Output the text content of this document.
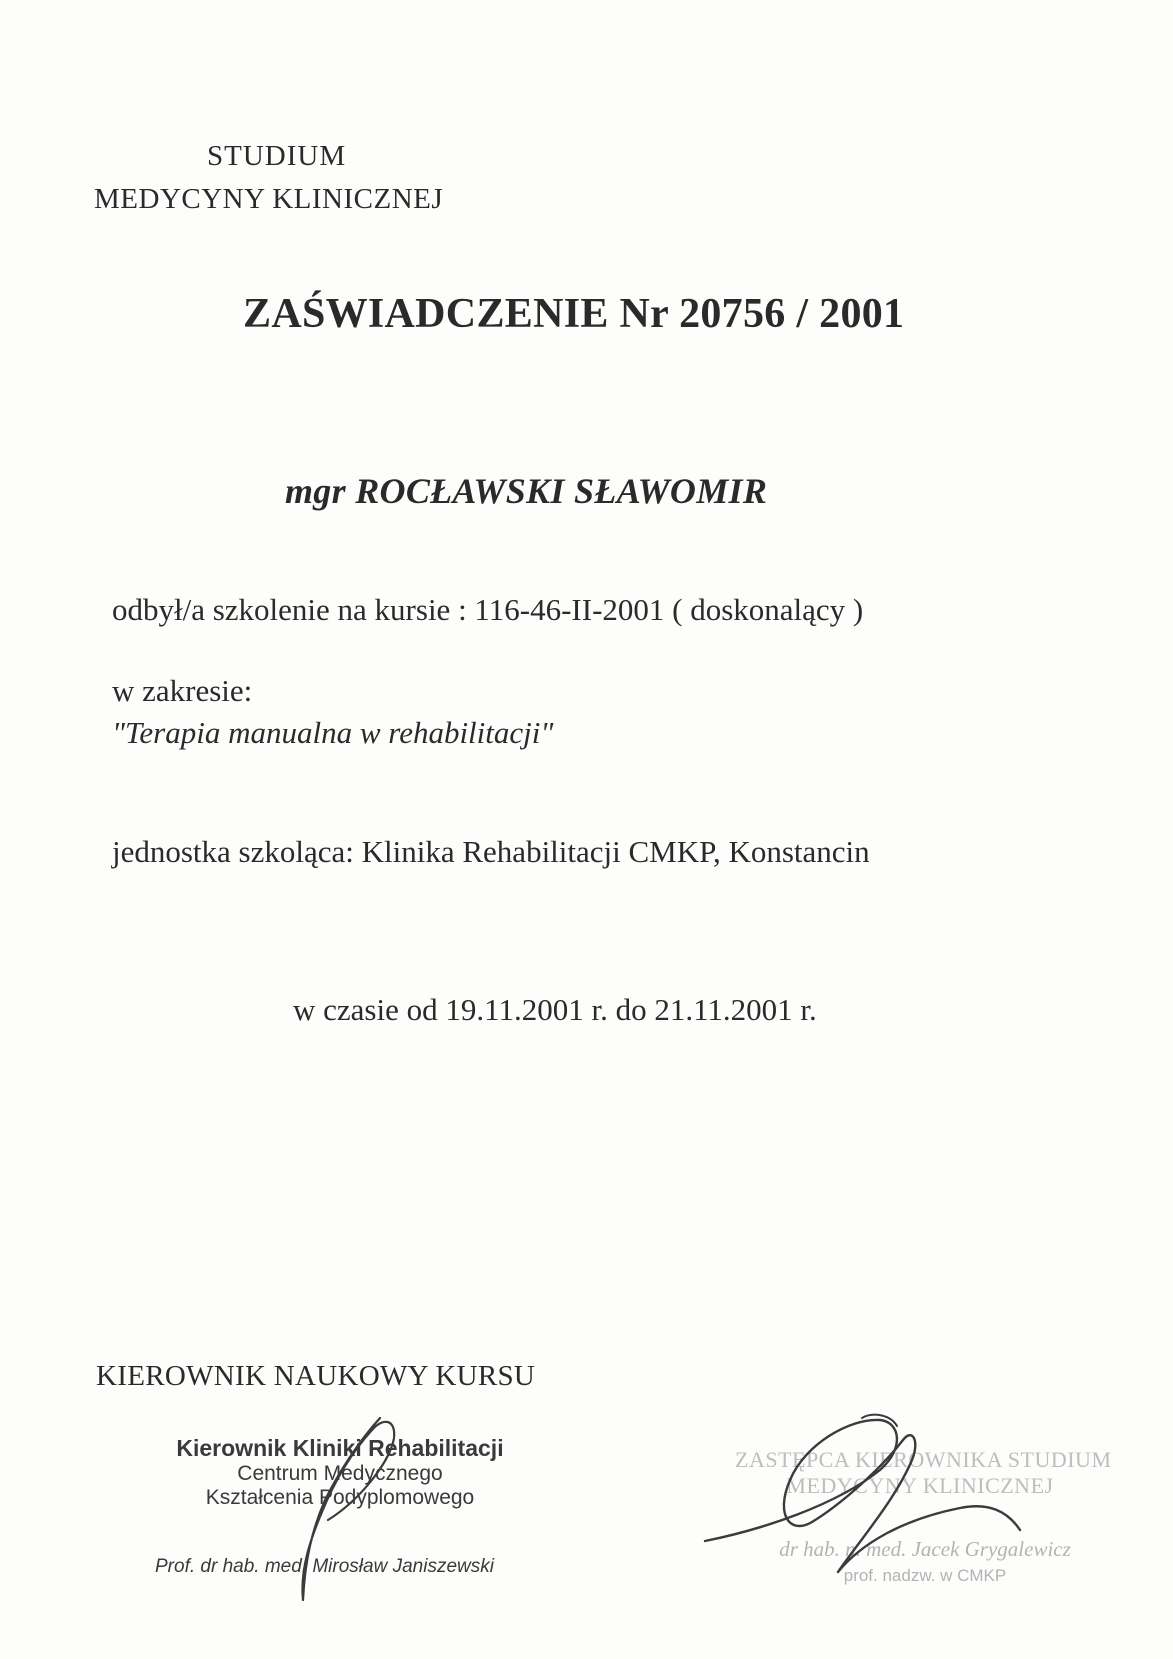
STUDIUM
MEDYCYNY KLINICZNEJ
ZAŚWIADCZENIE Nr 20756 / 2001
mgr ROCŁAWSKI SŁAWOMIR
odbył/a szkolenie na kursie : 116-46-II-2001 ( doskonalący )
w zakresie:
"Terapia manualna w rehabilitacji"
jednostka szkoląca: Klinika Rehabilitacji CMKP, Konstancin
w czasie od 19.11.2001 r. do 21.11.2001 r.
KIEROWNIK NAUKOWY KURSU
Kierownik Kliniki Rehabilitacji
Centrum Medycznego
Kształcenia Podyplomowego
Prof. dr hab. med. Mirosław Janiszewski
ZASTĘPCA KIEROWNIKA STUDIUM
MEDYCYNY KLINICZNEJ
dr hab. n. med. Jacek Grygalewicz
prof. nadzw. w CMKP
